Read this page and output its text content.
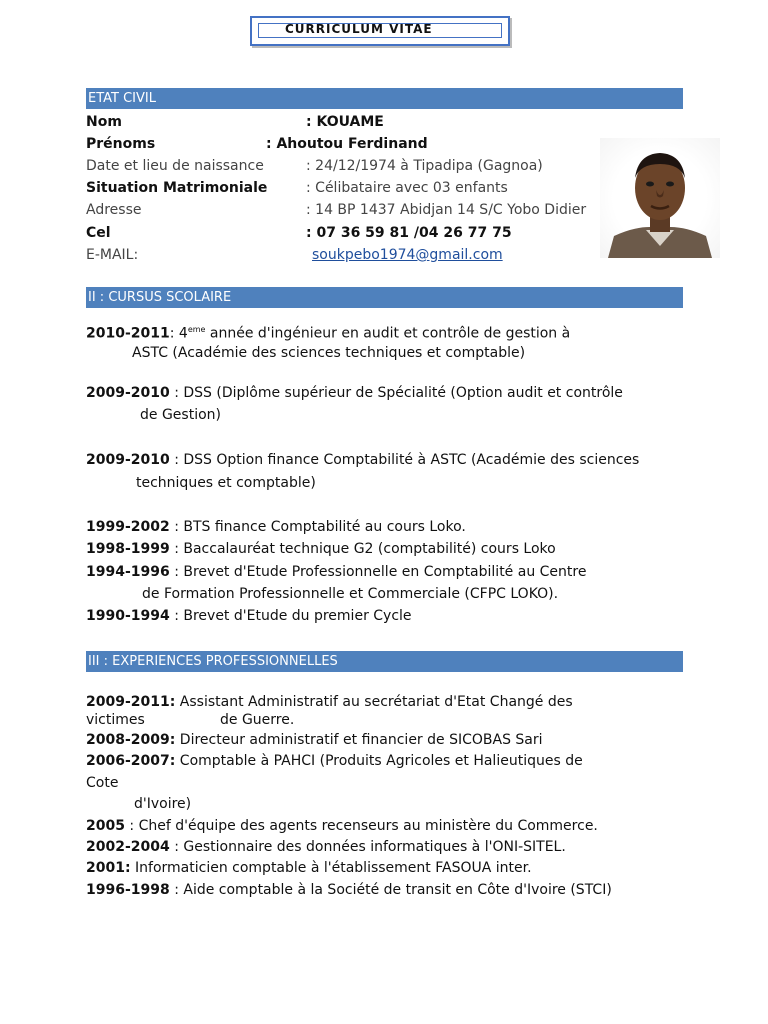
CURRICULUM VITAE
ETAT CIVIL
Nom	: KOUAME
Prénoms	: Ahoutou Ferdinand
Date et lieu de naissance	: 24/12/1974 à Tipadipa (Gagnoa)
Situation Matrimoniale	: Célibataire avec 03 enfants
Adresse	: 14 BP 1437 Abidjan 14 S/C Yobo Didier
Cel	: 07 36 59 81 /04 26 77 75
E-MAIL:	soukpebo1974@gmail.com
II : CURSUS SCOLAIRE
2010-2011: 4eme année d'ingénieur en audit et contrôle de gestion à
ASTC (Académie des sciences techniques et comptable)
2009-2010 : DSS (Diplôme supérieur de Spécialité (Option audit et contrôle
de Gestion)
2009-2010 : DSS Option finance Comptabilité à ASTC (Académie des sciences
techniques et comptable)
1999-2002 : BTS finance Comptabilité au cours Loko.
1998-1999 : Baccalauréat technique G2 (comptabilité) cours Loko
1994-1996 : Brevet d'Etude Professionnelle en Comptabilité au Centre
de Formation Professionnelle et Commerciale (CFPC LOKO).
1990-1994 : Brevet d'Etude du premier Cycle
III : EXPERIENCES PROFESSIONNELLES
2009-2011: Assistant Administratif au secrétariat d'Etat Changé des
victimes	de Guerre.
2008-2009: Directeur administratif et financier de SICOBAS Sari
2006-2007: Comptable à PAHCI (Produits Agricoles et Halieutiques de
Cote
d'Ivoire)
2005 : Chef d'équipe des agents recenseurs au ministère du Commerce.
2002-2004 : Gestionnaire des données informatiques à l'ONI-SITEL.
2001: Informaticien comptable à l'établissement FASOUA inter.
1996-1998 : Aide comptable à la Société de transit en Côte d'Ivoire (STCI)
